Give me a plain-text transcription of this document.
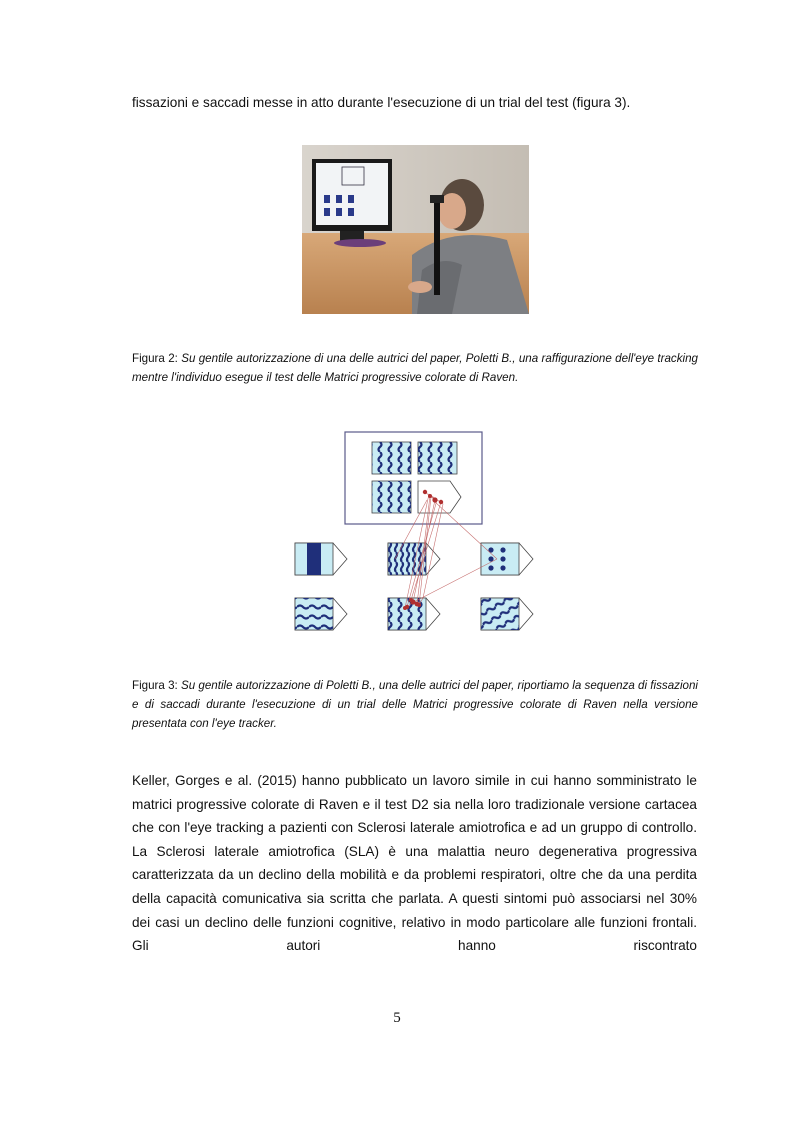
fissazioni e saccadi messe in atto durante l'esecuzione di un trial del test (figura 3).
Figura 2: Su gentile autorizzazione di una delle autrici del paper, Poletti B., una raffigurazione dell'eye tracking mentre l'individuo esegue il test delle Matrici progressive colorate di Raven.
Figura 3: Su gentile autorizzazione di Poletti B., una delle autrici del paper, riportiamo la sequenza di fissazioni e di saccadi durante l'esecuzione di un trial delle Matrici progressive colorate di Raven nella versione presentata con l'eye tracker.
Keller, Gorges e al. (2015) hanno pubblicato un lavoro simile in cui hanno somministrato le matrici progressive colorate di Raven e il test D2 sia nella loro tradizionale versione cartacea che con l'eye tracking a pazienti con Sclerosi laterale amiotrofica e ad un gruppo di controllo. La Sclerosi laterale amiotrofica (SLA) è una malattia neuro degenerativa progressiva caratterizzata da un declino della mobilità e da problemi respiratori, oltre che da una perdita della capacità comunicativa sia scritta che parlata. A questi sintomi può associarsi nel 30% dei casi un declino delle funzioni cognitive, relativo in modo particolare alle funzioni frontali. Gli autori hanno riscontrato
5
